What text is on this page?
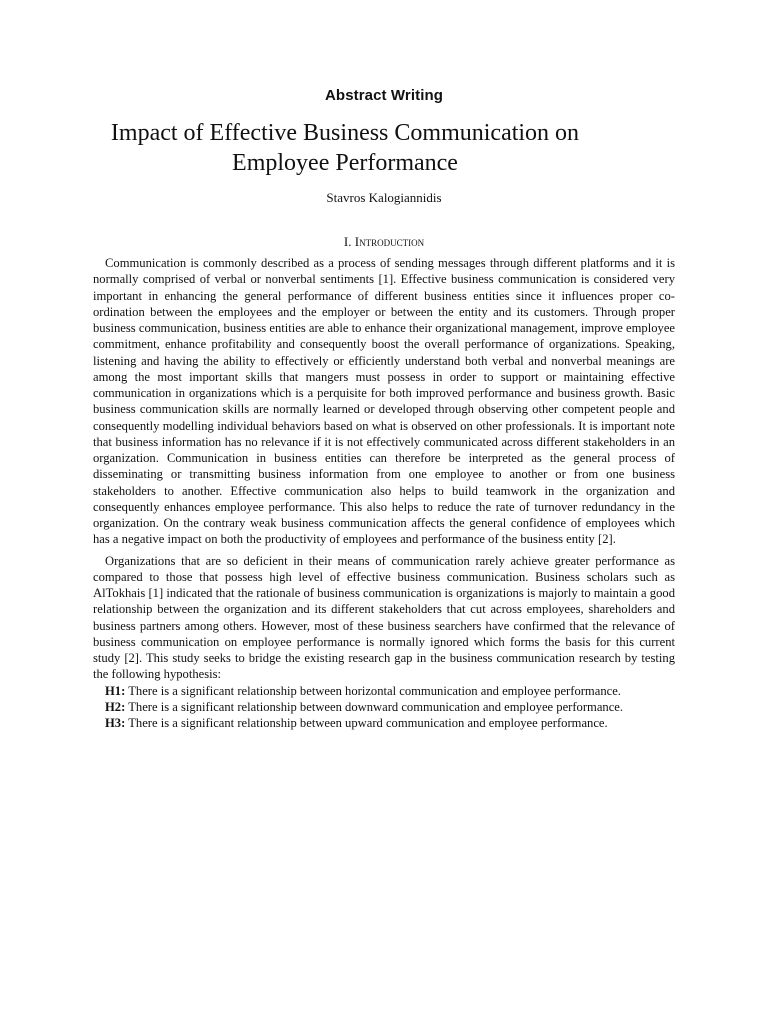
Abstract Writing
Impact of Effective Business Communication on
Employee Performance
Stavros Kalogiannidis
I. Introduction

Communication is commonly described as a process of sending messages through different platforms and it is normally comprised of verbal or nonverbal sentiments [1]. Effective business communication is considered very important in enhancing the general performance of different business entities since it influences proper co-ordination between the employees and the employer or between the entity and its customers. Through proper business communication, business entities are able to enhance their organizational management, improve employee commitment, enhance profitability and consequently boost the overall performance of organizations. Speaking, listening and having the ability to effectively or efficiently understand both verbal and nonverbal meanings are among the most important skills that mangers must possess in order to support or maintaining effective communication in organizations which is a perquisite for both improved performance and business growth. Basic business communication skills are normally learned or developed through observing other competent people and consequently modelling individual behaviors based on what is observed on other professionals. It is important note that business information has no relevance if it is not effectively communicated across different stakeholders in an organization. Communication in business entities can therefore be interpreted as the general process of disseminating or transmitting business information from one employee to another or from one business stakeholders to another. Effective communication also helps to build teamwork in the organization and consequently enhances employee performance. This also helps to reduce the rate of turnover redundancy in the organization. On the contrary weak business communication affects the general confidence of employees which has a negative impact on both the productivity of employees and performance of the business entity [2].

Organizations that are so deficient in their means of communication rarely achieve greater performance as compared to those that possess high level of effective business communication. Business scholars such as AlTokhais [1] indicated that the rationale of business communication is organizations is majorly to maintain a good relationship between the organization and its different stakeholders that cut across employees, shareholders and business partners among others. However, most of these business searchers have confirmed that the relevance of business communication on employee performance is normally ignored which forms the basis for this current study [2]. This study seeks to bridge the existing research gap in the business communication research by testing the following hypothesis:

H1: There is a significant relationship between horizontal communication and employee performance.

H2: There is a significant relationship between downward communication and employee performance.

H3: There is a significant relationship between upward communication and employee performance.
